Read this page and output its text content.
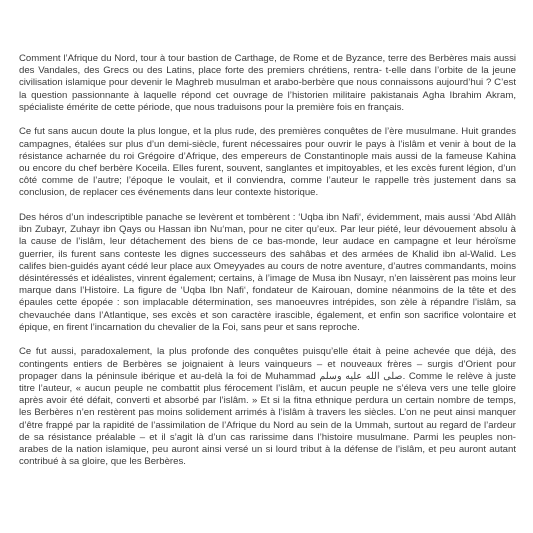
Comment l’Afrique du Nord, tour à tour bastion de Carthage, de Rome et de Byzance, terre des Berbères mais aussi des Vandales, des Grecs ou des Latins, place forte des premiers chrétiens, rentra- t-elle dans l’orbite de la jeune civilisation islamique pour devenir le Maghreb musulman et arabo-berbère que nous connaissons aujourd’hui ? C’est la question passionnante à laquelle répond cet ouvrage de l’historien militaire pakistanais Agha Ibrahim Akram, spécialiste émérite de cette période, que nous traduisons pour la première fois en français.

Ce fut sans aucun doute la plus longue, et la plus rude, des premières conquêtes de l’ère musulmane. Huit grandes campagnes, étalées sur plus d’un demi-siècle, furent nécessaires pour ouvrir le pays à l’islâm et venir à bout de la résistance acharnée du roi Grégoire d’Afrique, des empereurs de Constantinople mais aussi de la fameuse Kahina ou encore du chef berbère Koceila. Elles furent, souvent, sanglantes et impitoyables, et les excès furent légion, d’un côté comme de l’autre; l’époque le voulait, et il conviendra, comme l’auteur le rappelle très justement dans sa conclusion, de replacer ces événements dans leur contexte historique.

Des héros d’un indescriptible panache se levèrent et tombèrent : ‘Uqba ibn Nafi‘, évidemment, mais aussi ‘Abd Allâh ibn Zubayr, Zuhayr ibn Qays ou Hassan ibn Nu‘man, pour ne citer qu’eux. Par leur piété, leur dévouement absolu à la cause de l’islâm, leur détachement des biens de ce bas-monde, leur audace en campagne et leur héroïsme guerrier, ils furent sans conteste les dignes successeurs des sahâbas et des armées de Khalid ibn al-Walid. Les califes bien-guidés ayant cédé leur place aux Omeyyades au cours de notre aventure, d’autres commandants, moins désintéressés et idéalistes, vinrent également; certains, à l’image de Musa ibn Nusayr, n’en laissèrent pas moins leur marque dans l’Histoire. La figure de ‘Uqba Ibn Nafi‘, fondateur de Kairouan, domine néanmoins de la tête et des épaules cette épopée : son implacable détermination, ses manoeuvres intrépides, son zèle à répandre l’islâm, sa chevauchée dans l’Atlantique, ses excès et son caractère irascible, également, et enfin son sacrifice volontaire et épique, en firent l’incarnation du chevalier de la Foi, sans peur et sans reproche.

Ce fut aussi, paradoxalement, la plus profonde des conquêtes puisqu’elle était à peine achevée que déjà, des contingents entiers de Berbères se joignaient à leurs vainqueurs – et nouveaux frères – surgis d’Orient pour propager dans la péninsule ibérique et au-delà la foi de Muhammad صلى الله عليه وسلم. Comme le relève à juste titre l’auteur, « aucun peuple ne combattit plus férocement l’islâm, et aucun peuple ne s’éleva vers une telle gloire après avoir été défait, converti et absorbé par l’islâm. » Et si la fitna ethnique perdura un certain nombre de temps, les Berbères n’en restèrent pas moins solidement arrimés à l’islâm à travers les siècles. L’on ne peut ainsi manquer d’être frappé par la rapidité de l’assimilation de l’Afrique du Nord au sein de la Ummah, surtout au regard de l’ardeur de sa résistance préalable – et il s’agit là d’un cas rarissime dans l’histoire musulmane. Parmi les peuples non-arabes de la nation islamique, peu auront ainsi versé un si lourd tribut à la défense de l’islâm, et peu auront autant contribué à sa gloire, que les Berbères.
